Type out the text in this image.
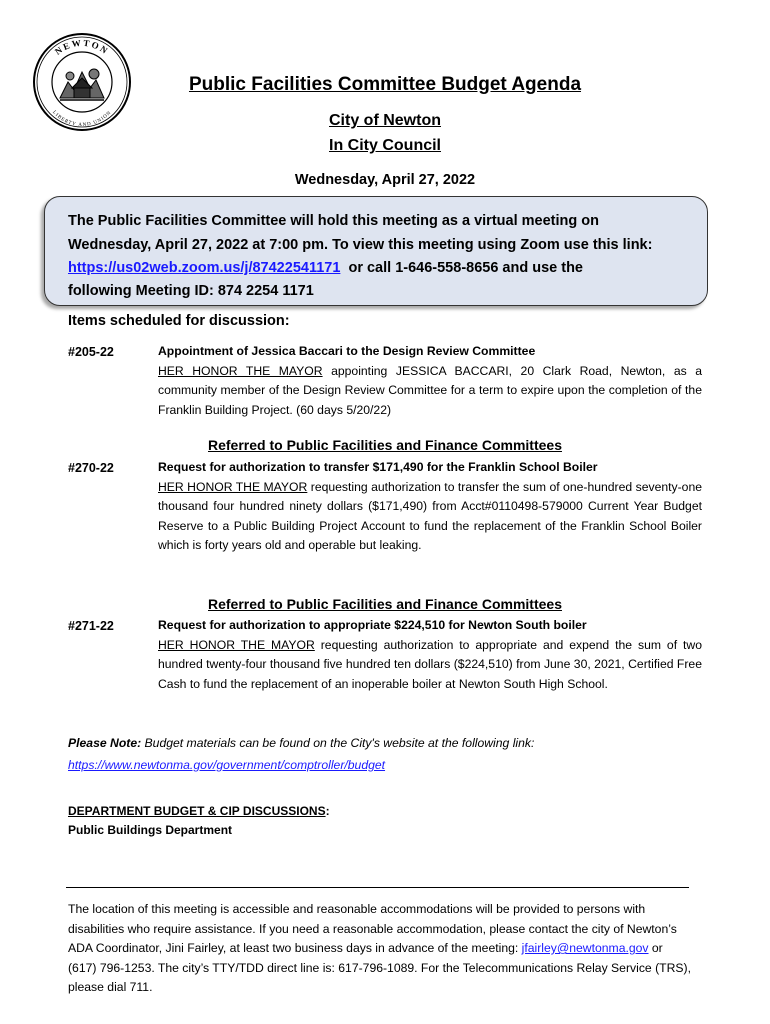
NEWTON
LIBERTY AND UNION
Public Facilities Committee Budget Agenda
City of Newton
In City Council
Wednesday, April 27, 2022
The Public Facilities Committee will hold this meeting as a virtual meeting on
Wednesday, April 27, 2022 at 7:00 pm. To view this meeting using Zoom use this link:
https://us02web.zoom.us/j/87422541171  or call 1-646-558-8656 and use the
following Meeting ID: 874 2254 1171
Items scheduled for discussion:
#205-22	Appointment of Jessica Baccari to the Design Review Committee
HER HONOR THE MAYOR appointing JESSICA BACCARI, 20 Clark Road, Newton, as a community member of the Design Review Committee for a term to expire upon the completion of the Franklin Building Project. (60 days 5/20/22)
Referred to Public Facilities and Finance Committees
#270-22	Request for authorization to transfer $171,490 for the Franklin School Boiler
HER HONOR THE MAYOR requesting authorization to transfer the sum of one-hundred seventy-one thousand four hundred ninety dollars ($171,490) from Acct#0110498-579000 Current Year Budget Reserve to a Public Building Project Account to fund the replacement of the Franklin School Boiler which is forty years old and operable but leaking.
Referred to Public Facilities and Finance Committees
#271-22	Request for authorization to appropriate $224,510 for Newton South boiler
HER HONOR THE MAYOR requesting authorization to appropriate and expend the sum of two hundred twenty-four thousand five hundred ten dollars ($224,510) from June 30, 2021, Certified Free Cash to fund the replacement of an inoperable boiler at Newton South High School.
Please Note: Budget materials can be found on the City's website at the following link:
https://www.newtonma.gov/government/comptroller/budget
DEPARTMENT BUDGET & CIP DISCUSSIONS:
Public Buildings Department
The location of this meeting is accessible and reasonable accommodations will be provided to persons with disabilities who require assistance. If you need a reasonable accommodation, please contact the city of Newton’s ADA Coordinator, Jini Fairley, at least two business days in advance of the meeting: jfairley@newtonma.gov or (617) 796-1253. The city’s TTY/TDD direct line is: 617-796-1089. For the Telecommunications Relay Service (TRS), please dial 711.
